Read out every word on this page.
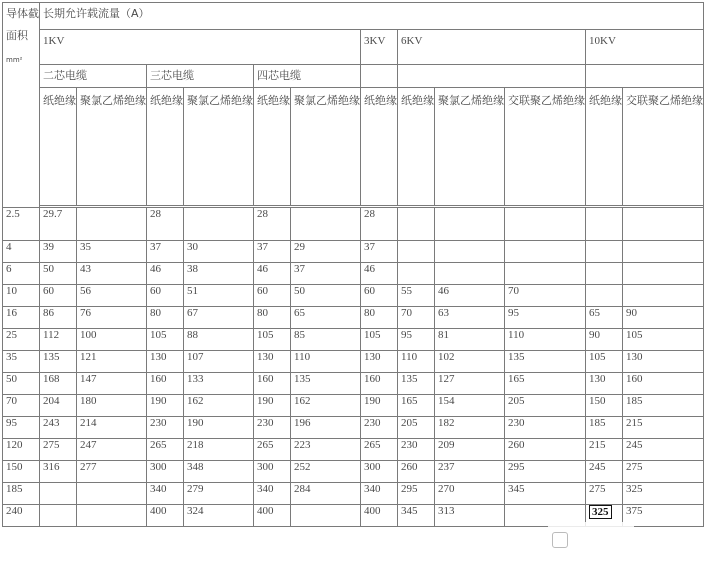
导体截
面积
mm²	长期允许载流量（A）											
	1KV						3KV	6KV			10KV	
	二芯电缆		三芯电缆		四芯电缆							
	纸绝缘	聚氯乙烯绝缘	纸绝缘	聚氯乙烯绝缘	纸绝缘	聚氯乙烯绝缘	纸绝缘	纸绝缘	聚氯乙烯绝缘	交联聚乙烯绝缘	纸绝缘	交联聚乙烯绝缘

2.5	29.7		28		28		28					
4	39	35	37	30	37	29	37					
6	50	43	46	38	46	37	46					
10	60	56	60	51	60	50	60	55	46	70		
16	86	76	80	67	80	65	80	70	63	95	65	90
25	112	100	105	88	105	85	105	95	81	110	90	105
35	135	121	130	107	130	110	130	110	102	135	105	130
50	168	147	160	133	160	135	160	135	127	165	130	160
70	204	180	190	162	190	162	190	165	154	205	150	185
95	243	214	230	190	230	196	230	205	182	230	185	215
120	275	247	265	218	265	223	265	230	209	260	215	245
150	316	277	300	348	300	252	300	260	237	295	245	275
185			340	279	340	284	340	295	270	345	275	325
240			400	324	400		400	345	313		325	375
